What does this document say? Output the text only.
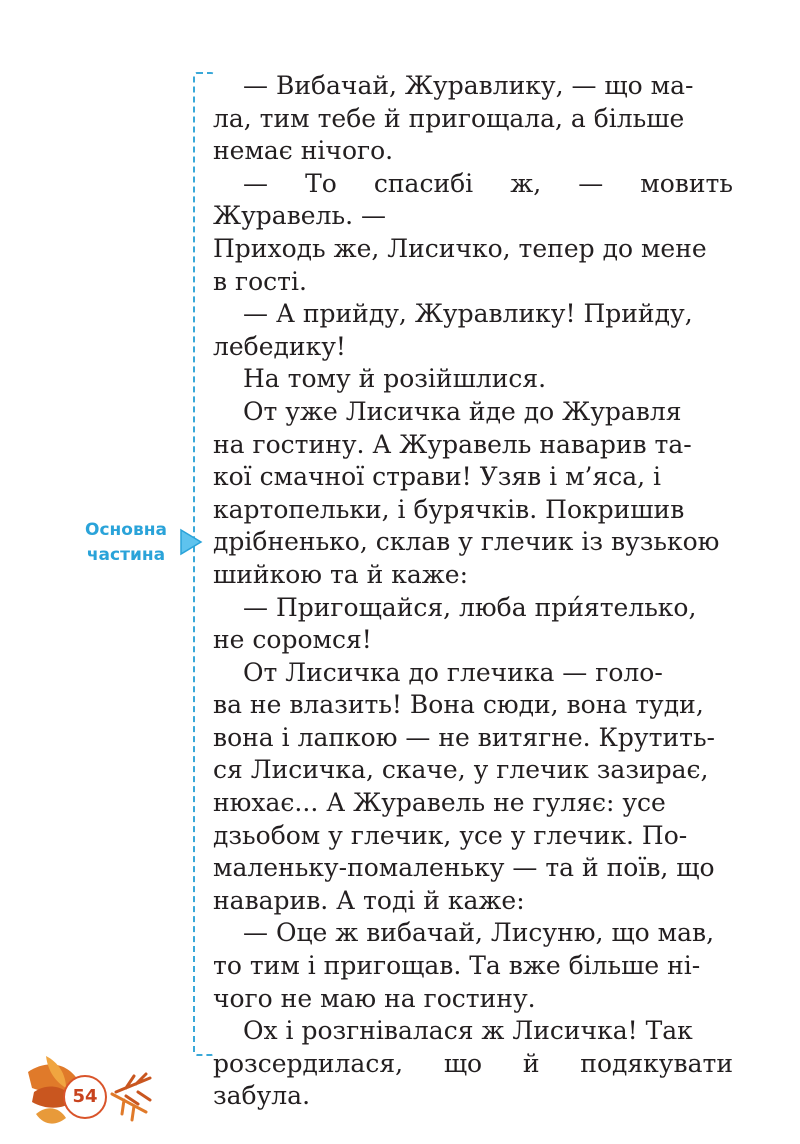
Основна
частина

— Вибачай, Журавлику, — що ма-
ла, тим тебе й пригощала, а більше
немає нічого.

— То спасибі ж, — мовить Журавель. —
Приходь же, Лисичко, тепер до мене
в гості.

— А прийду, Журавлику! Прийду,
лебедику!

На тому й розійшлися.

От уже Лисичка йде до Журавля
на гостину. А Журавель наварив та-
кої смачної страви! Узяв і м’яса, і
картопельки, і бурячків. Покришив
дрібненько, склав у глечик із вузькою
шийкою та й каже:

— Пригощайся, люба при́ятелько,
не соромся!

От Лисичка до глечика — голо-
ва не влазить! Вона сюди, вона туди,
вона і лапкою — не витягне. Крутить-
ся Лисичка, скаче, у глечик зазирає,
нюхає... А Журавель не гуляє: усе
дзьобом у глечик, усе у глечик. По-
маленьку-помаленьку — та й поїв, що
наварив. А тоді й каже:

— Оце ж вибачай, Лисуню, що мав,
то тим і пригощав. Та вже більше ні-
чого не маю на гостину.

Ох і розгнівалася ж Лисичка! Так
розсердилася, що й подякувати забула.

54
